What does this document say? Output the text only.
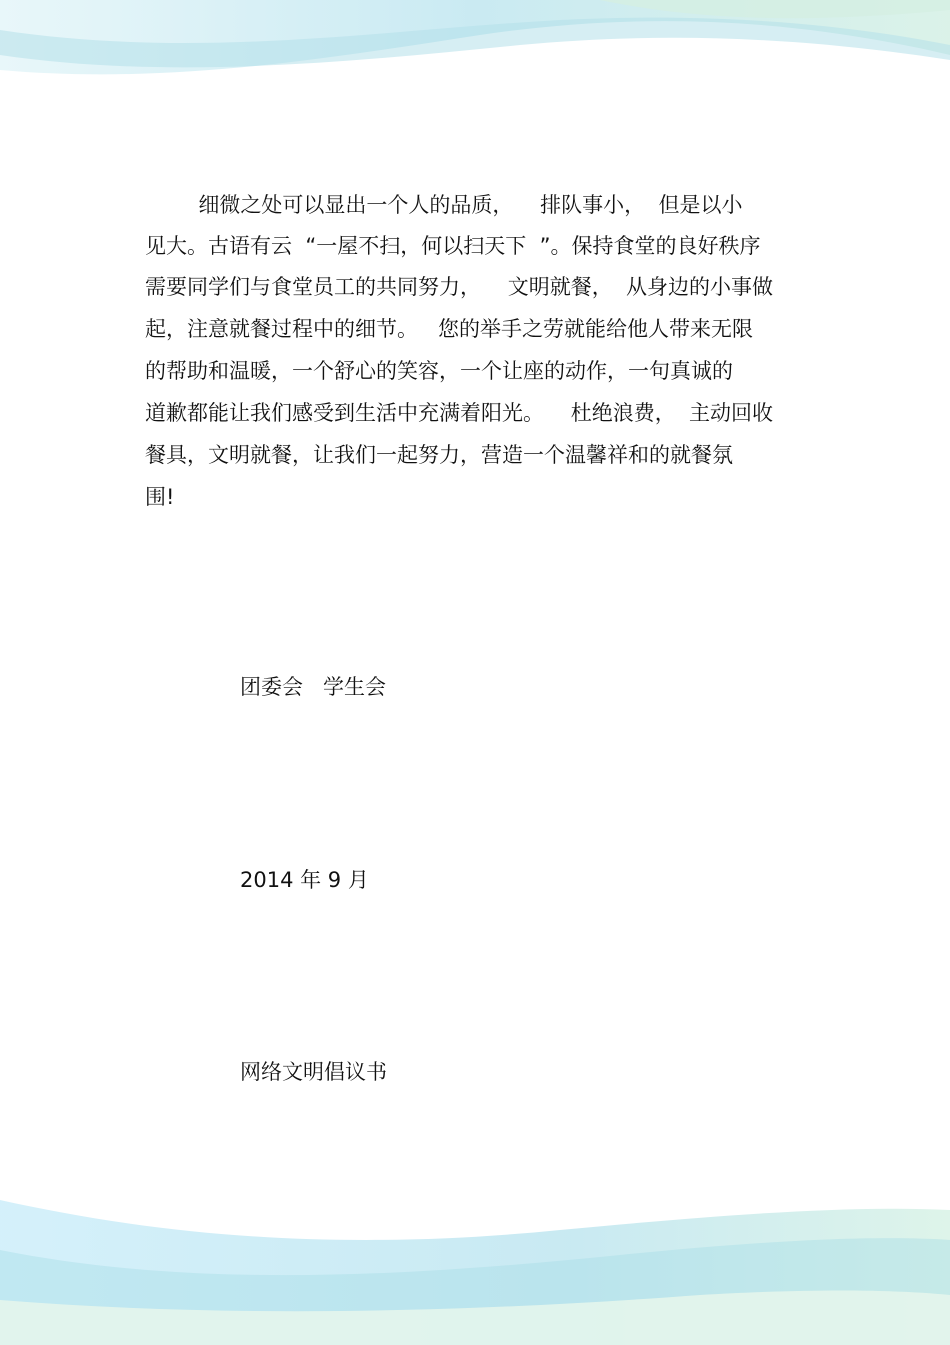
细微之处可以显出一个人的品质，    排队事小，  但是以小
见大。古语有云  “一屋不扫，何以扫天下  ”。保持食堂的良好秩序
需要同学们与食堂员工的共同努力，    文明就餐，  从身边的小事做
起，注意就餐过程中的细节。   您的举手之劳就能给他人带来无限
的帮助和温暖，一个舒心的笑容，一个让座的动作，一句真诚的
道歉都能让我们感受到生活中充满着阳光。    杜绝浪费，  主动回收
餐具，文明就餐，让我们一起努力，营造一个温馨祥和的就餐氛
围!
团委会   学生会
2014 年 9 月
网络文明倡议书
